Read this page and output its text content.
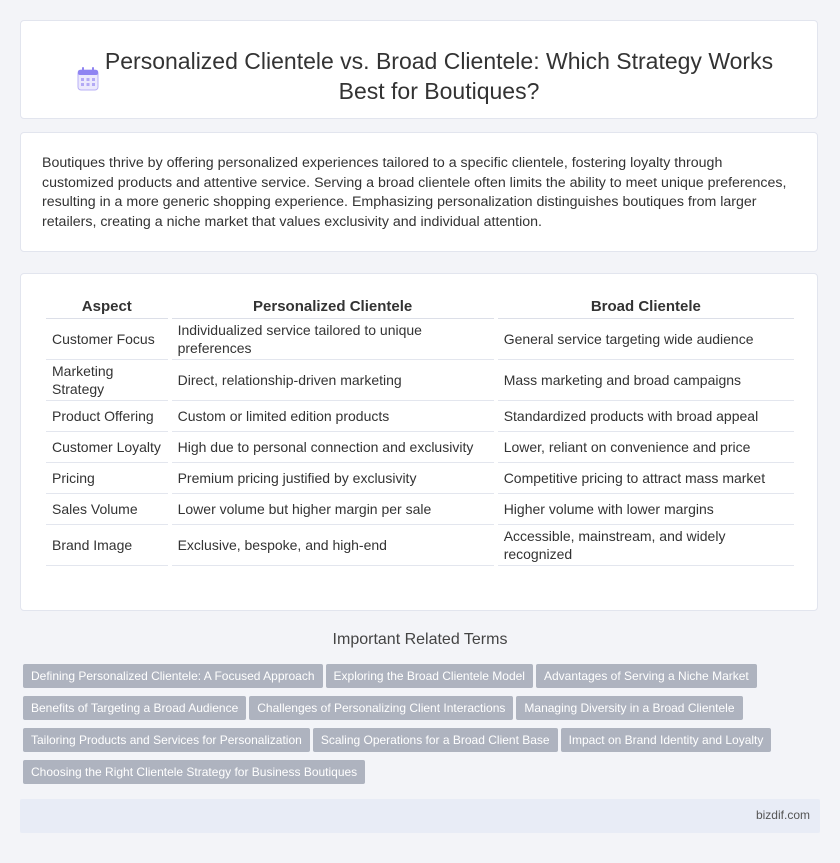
Personalized Clientele vs. Broad Clientele: Which Strategy Works Best for Boutiques?

Boutiques thrive by offering personalized experiences tailored to a specific clientele, fostering loyalty through customized products and attentive service. Serving a broad clientele often limits the ability to meet unique preferences, resulting in a more generic shopping experience. Emphasizing personalization distinguishes boutiques from larger retailers, creating a niche market that values exclusivity and individual attention.

Aspect	Personalized Clientele	Broad Clientele
Customer Focus	Individualized service tailored to unique preferences	General service targeting wide audience
Marketing Strategy	Direct, relationship-driven marketing	Mass marketing and broad campaigns
Product Offering	Custom or limited edition products	Standardized products with broad appeal
Customer Loyalty	High due to personal connection and exclusivity	Lower, reliant on convenience and price
Pricing	Premium pricing justified by exclusivity	Competitive pricing to attract mass market
Sales Volume	Lower volume but higher margin per sale	Higher volume with lower margins
Brand Image	Exclusive, bespoke, and high-end	Accessible, mainstream, and widely recognized
Important Related Terms
Defining Personalized Clientele: A Focused Approach Exploring the Broad Clientele Model Advantages of Serving a Niche Market
Benefits of Targeting a Broad Audience Challenges of Personalizing Client Interactions Managing Diversity in a Broad Clientele
Tailoring Products and Services for Personalization Scaling Operations for a Broad Client Base Impact on Brand Identity and Loyalty
Choosing the Right Clientele Strategy for Business Boutiques
bizdif.com
